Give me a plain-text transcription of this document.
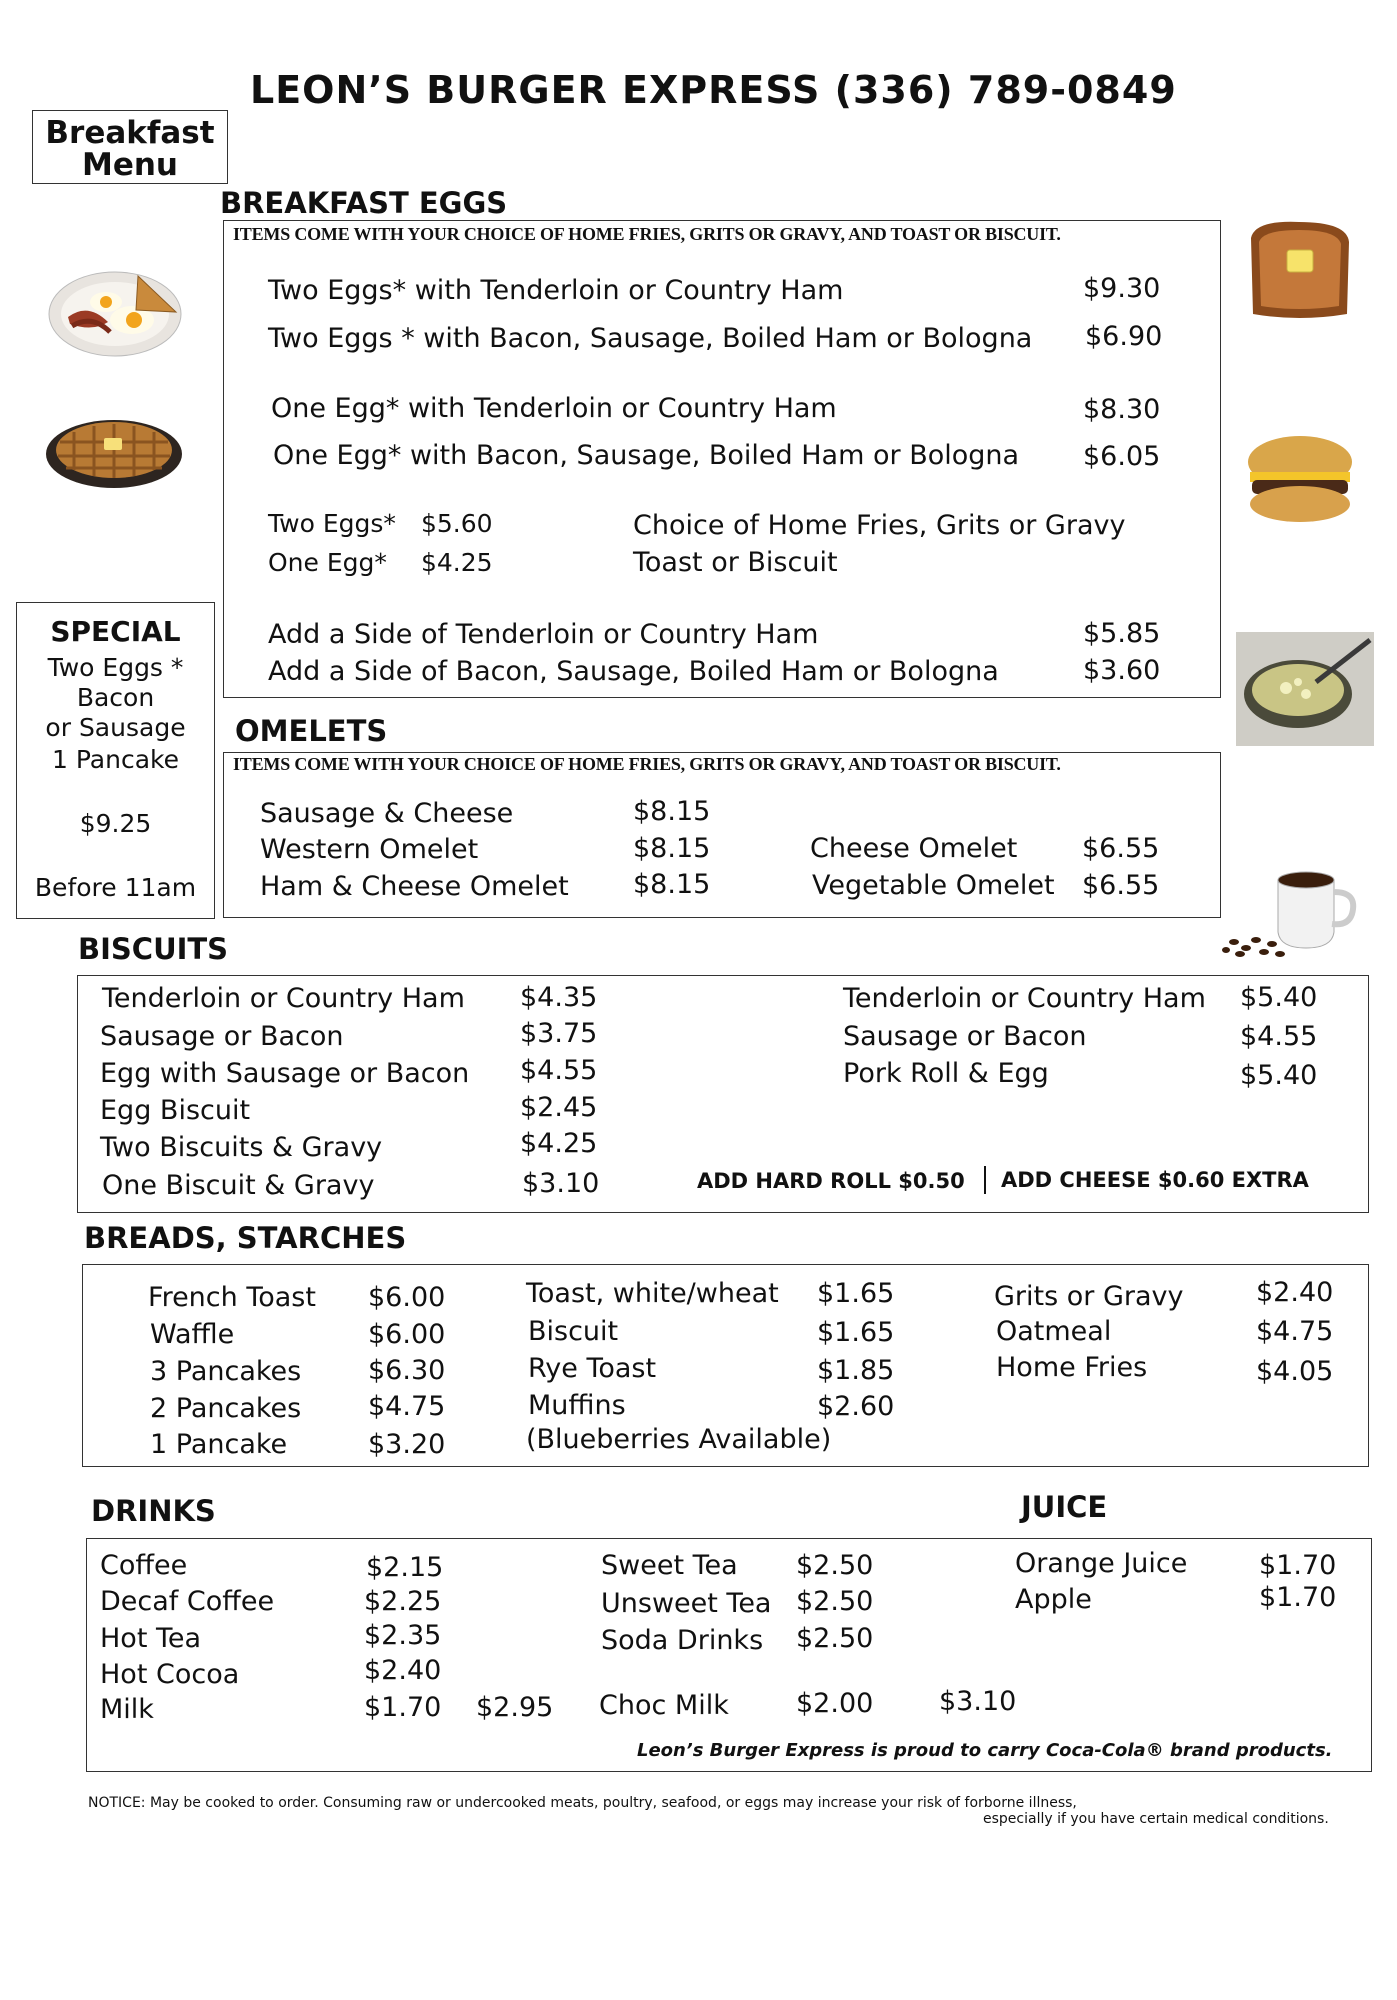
LEON’S BURGER EXPRESS (336) 789-0849
Breakfast
Menu
BREAKFAST EGGS
ITEMS COME WITH YOUR CHOICE OF HOME FRIES, GRITS OR GRAVY, AND TOAST OR BISCUIT.
Two Eggs* with Tenderloin or Country Ham	$9.30
Two Eggs * with Bacon, Sausage, Boiled Ham or Bologna $6.90
One Egg* with Tenderloin or Country Ham	$8.30
One Egg* with Bacon, Sausage, Boiled Ham or Bologna $6.05
Two Eggs* $5.60	Choice of Home Fries, Grits or Gravy
One Egg* $4.25	Toast or Biscuit
Add a Side of Tenderloin or Country Ham	$5.85
Add a Side of Bacon, Sausage, Boiled Ham or Bologna	$3.60
SPECIAL
Two Eggs *
Bacon
or Sausage
1 Pancake
$9.25
Before 11am
OMELETS
ITEMS COME WITH YOUR CHOICE OF HOME FRIES, GRITS OR GRAVY, AND TOAST OR BISCUIT.
Sausage & Cheese	$8.15
Western Omelet	$8.15
Ham & Cheese Omelet $8.15
Cheese Omelet $6.55
Vegetable Omelet $6.55
BISCUITS
Tenderloin or Country Ham $4.35
Sausage or Bacon	$3.75
Egg with Sausage or Bacon $4.55
Egg Biscuit	$2.45
Two Biscuits & Gravy	$4.25
One Biscuit & Gravy	$3.10
Tenderloin or Country Ham $5.40
Sausage or Bacon	$4.55
Pork Roll & Egg	$5.40
ADD HARD ROLL $0.50 ADD CHEESE $0.60 EXTRA
BREADS, STARCHES
French Toast $6.00
Waffle	$6.00
3 Pancakes $6.30
2 Pancakes $4.75
1 Pancake	$3.20
Toast, white/wheat $1.65
Biscuit	$1.65
Rye Toast	$1.85
Muffins	$2.60
(Blueberries Available)
Grits or Gravy	$2.40
Oatmeal	$4.75
Home Fries	$4.05
DRINKS	JUICE
Coffee	$2.15
Decaf Coffee	$2.25
Hot Tea	$2.35
Hot Cocoa	$2.40
Milk	$1.70 $2.95
Sweet Tea $2.50
Unsweet Tea $2.50
Soda Drinks $2.50
Choc Milk $2.00 $3.10
Orange Juice	$1.70
Apple	$1.70
Leon’s Burger Express is proud to carry Coca-Cola® brand products.
NOTICE: May be cooked to order. Consuming raw or undercooked meats, poultry, seafood, or eggs may increase your risk of forborne illness,
especially if you have certain medical conditions.
